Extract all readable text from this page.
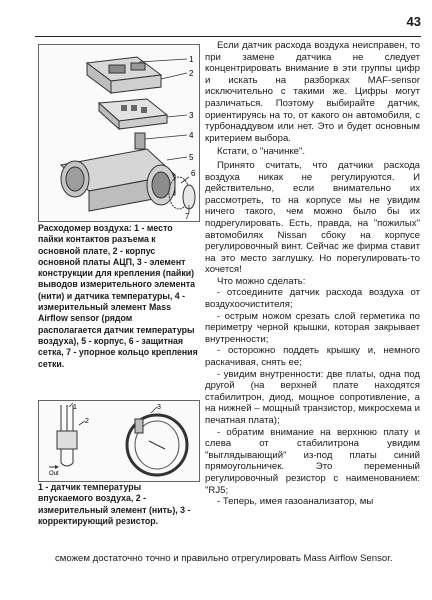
43
1
2
3
4
5
6
7
Расходомер воздуха: 1 - место пайки контактов разъема к основной плате, 2 - корпус основной платы АЦП, 3 - элемент конструкции для крепления (пайки) выводов измерительного элемента (нити) и датчика температуры, 4 - измерительный элемент Mass Airflow sensor (рядом располагается датчик температуры воздуха), 5 - корпус, 6 - защитная сетка, 7 - упорное кольцо крепления сетки.
Out
1
2
3
1 - датчик температуры впускаемого воздуха, 2 - измерительный элемент (нить), 3 - корректирующий резистор.

Если датчик расхода воздуха неисправен, то при замене датчика не следует концентрировать внимание в эти группы цифр и искать на разборках MAF-sensor исключительно с такими же. Цифры могут различаться. Поэтому выбирайте датчик, ориентируясь на то, от какого он автомобиля, с турбонаддувом или нет. Это и будет основным критерием выбора.

Кстати, о "начинке".

Принято считать, что датчики расхода воздуха никак не регулируются. И действительно, если внимательно их рассмотреть, то на корпусе мы не увидим ничего такого, чем можно было бы их подрегулировать. Есть, правда, на "пожилых" автомобилях Nissan сбоку на корпусе регулировочный винт. Сейчас же фирма ставит на это место заглушку. Но порегулировать-то хочется!

Что можно сделать:

- отсоедините датчик расхода воздуха от воздухоочистителя;
- острым ножом срезать слой герметика по периметру черной крышки, которая закрывает внутренности;
- осторожно поддеть крышку и, немного раскачивая, снять ее;
- увидим внутренности: две платы, одна под другой (на верхней плате находятся стабилитрон, диод, мощное сопротивление, а на нижней – мощный транзистор, микросхема и печатная плата);
- обратим внимание на верхнюю плату и слева от стабилитрона увидим "выглядывающий" из-под платы синий прямоугольничек. Это переменный регулировочный резистор с наименованием: "RJ5;
- Теперь, имея газоанализатор, мы
сможем достаточно точно и правильно отрегулировать Mass Airflow Sensor.
